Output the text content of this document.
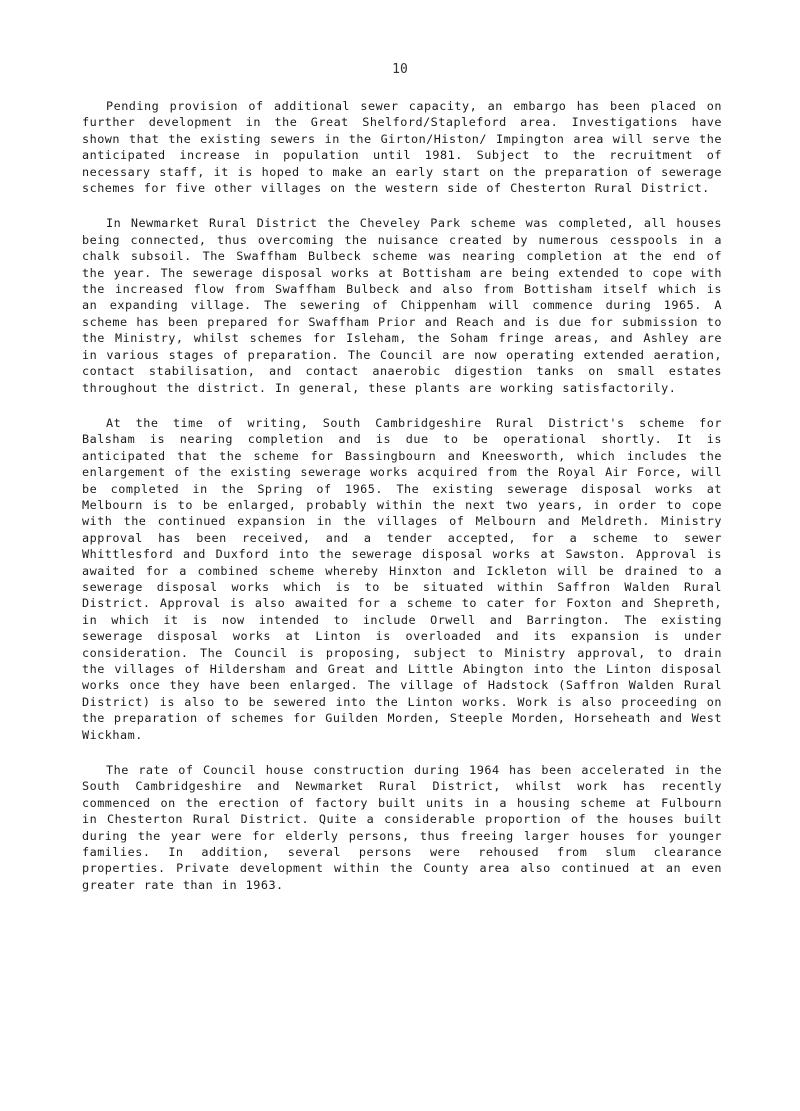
10

Pending provision of additional sewer capacity, an embargo has been placed on further development in the Great Shelford/Stapleford area. Investigations have shown that the existing sewers in the Girton/Histon/ Impington area will serve the anticipated increase in population until 1981. Subject to the recruitment of necessary staff, it is hoped to make an early start on the preparation of sewerage schemes for five other villages on the western side of Chesterton Rural District.

In Newmarket Rural District the Cheveley Park scheme was completed, all houses being connected, thus overcoming the nuisance created by numerous cesspools in a chalk subsoil. The Swaffham Bulbeck scheme was nearing completion at the end of the year. The sewerage disposal works at Bottisham are being extended to cope with the increased flow from Swaffham Bulbeck and also from Bottisham itself which is an expanding village. The sewering of Chippenham will commence during 1965. A scheme has been prepared for Swaffham Prior and Reach and is due for submission to the Ministry, whilst schemes for Isleham, the Soham fringe areas, and Ashley are in various stages of preparation. The Council are now operating extended aeration, contact stabilisation, and contact anaerobic digestion tanks on small estates throughout the district. In general, these plants are working satisfactorily.

At the time of writing, South Cambridgeshire Rural District's scheme for Balsham is nearing completion and is due to be operational shortly. It is anticipated that the scheme for Bassingbourn and Kneesworth, which includes the enlargement of the existing sewerage works acquired from the Royal Air Force, will be completed in the Spring of 1965. The existing sewerage disposal works at Melbourn is to be enlarged, probably within the next two years, in order to cope with the continued expansion in the villages of Melbourn and Meldreth. Ministry approval has been received, and a tender accepted, for a scheme to sewer Whittlesford and Duxford into the sewerage disposal works at Sawston. Approval is awaited for a combined scheme whereby Hinxton and Ickleton will be drained to a sewerage disposal works which is to be situated within Saffron Walden Rural District. Approval is also awaited for a scheme to cater for Foxton and Shepreth, in which it is now intended to include Orwell and Barrington. The existing sewerage disposal works at Linton is overloaded and its expansion is under consideration. The Council is proposing, subject to Ministry approval, to drain the villages of Hildersham and Great and Little Abington into the Linton disposal works once they have been enlarged. The village of Hadstock (Saffron Walden Rural District) is also to be sewered into the Linton works. Work is also proceeding on the preparation of schemes for Guilden Morden, Steeple Morden, Horseheath and West Wickham.

The rate of Council house construction during 1964 has been accelerated in the South Cambridgeshire and Newmarket Rural District, whilst work has recently commenced on the erection of factory built units in a housing scheme at Fulbourn in Chesterton Rural District. Quite a considerable proportion of the houses built during the year were for elderly persons, thus freeing larger houses for younger families. In addition, several persons were rehoused from slum clearance properties. Private development within the County area also continued at an even greater rate than in 1963.
